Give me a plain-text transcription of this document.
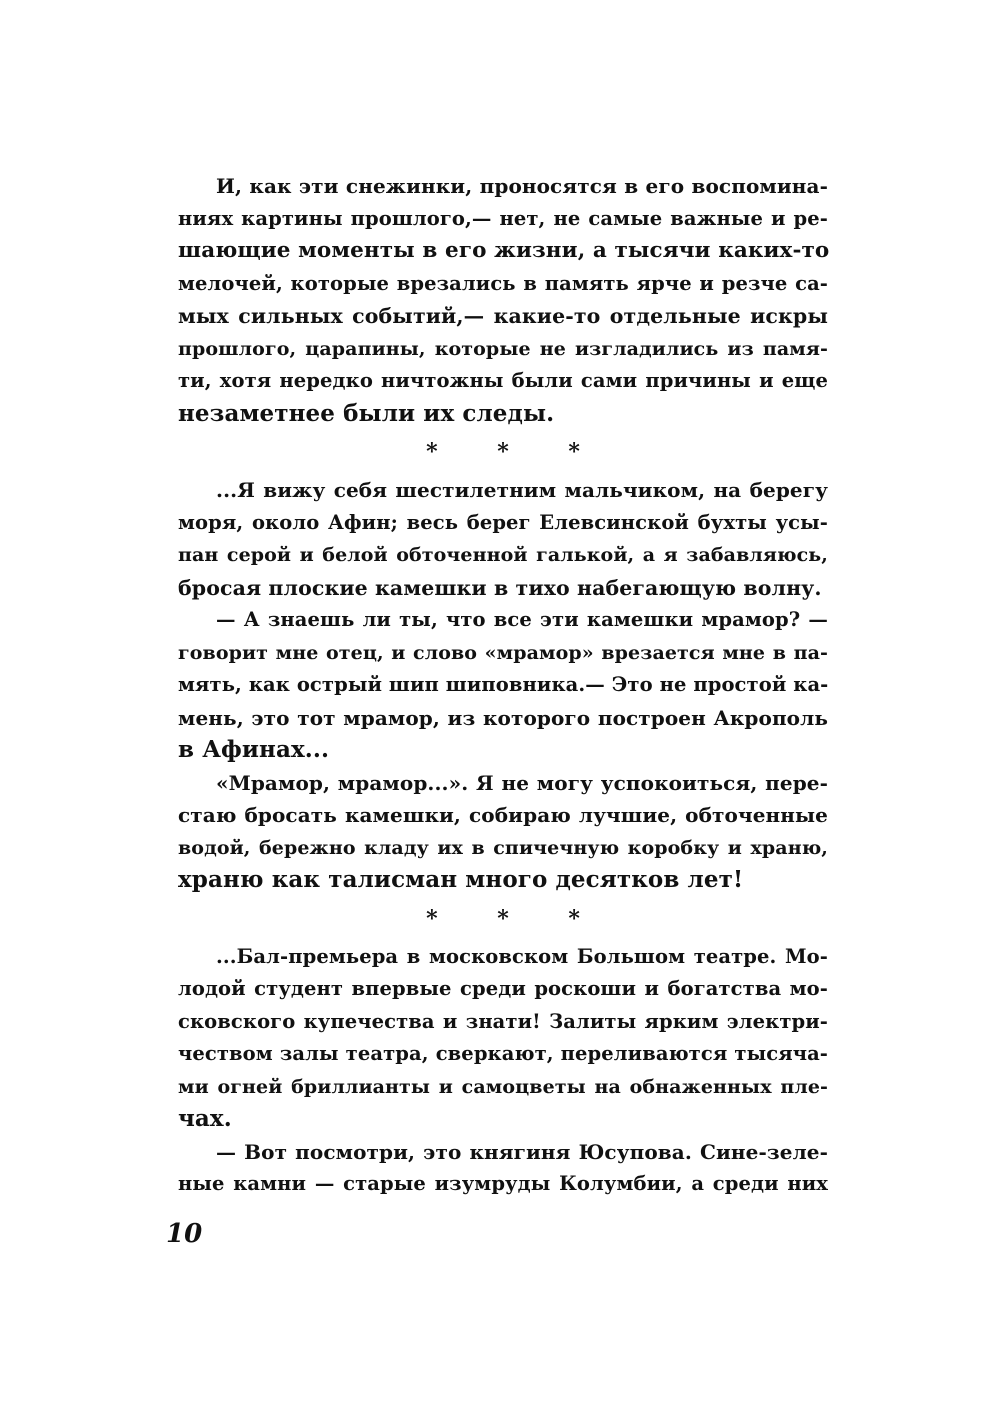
И, как эти снежинки, проносятся в его воспомина-
ниях картины прошлого,— нет, не самые важные и ре-
шающие моменты в его жизни, а тысячи каких-то
мелочей, которые врезались в память ярче и резче са-
мых сильных событий,— какие-то отдельные искры
прошлого, царапины, которые не изгладились из памя-
ти, хотя нередко ничтожны были сами причины и еще
незаметнее были их следы.
* * *
...Я вижу себя шестилетним мальчиком, на берегу
моря, около Афин; весь берег Елевсинской бухты усы-
пан серой и белой обточенной галькой, а я забавляюсь,
бросая плоские камешки в тихо набегающую волну.
— А знаешь ли ты, что все эти камешки мрамор? —
говорит мне отец, и слово «мрамор» врезается мне в па-
мять, как острый шип шиповника.— Это не простой ка-
мень, это тот мрамор, из которого построен Акрополь
в Афинах...
«Мрамор, мрамор...». Я не могу успокоиться, пере-
стаю бросать камешки, собираю лучшие, обточенные
водой, бережно кладу их в спичечную коробку и храню,
храню как талисман много десятков лет!
* * *
...Бал-премьера в московском Большом театре. Мо-
лодой студент впервые среди роскоши и богатства мо-
сковского купечества и знати! Залиты ярким электри-
чеством залы театра, сверкают, переливаются тысяча-
ми огней бриллианты и самоцветы на обнаженных пле-
чах.
— Вот посмотри, это княгиня Юсупова. Сине-зеле-
ные камни — старые изумруды Колумбии, а среди них
10
